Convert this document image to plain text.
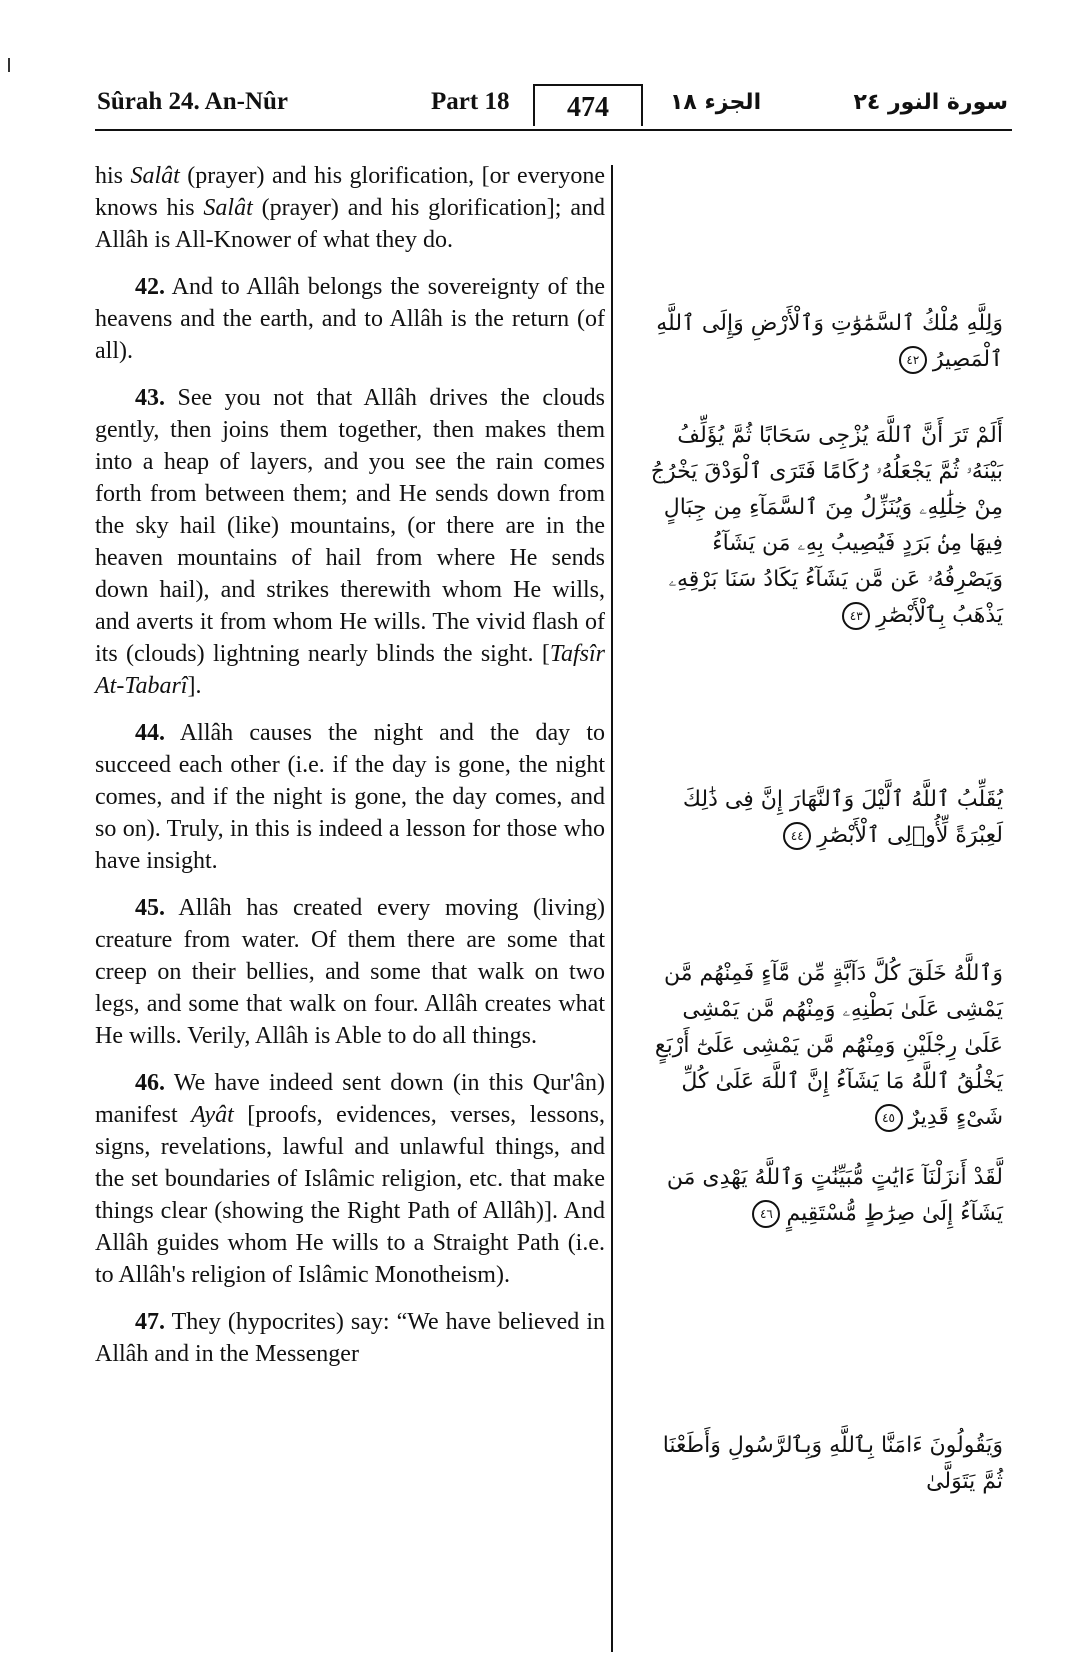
Sûrah 24. An-Nûr	Part 18	474	الجزء ١٨	سورة النور ٢٤

his Salât (prayer) and his glorification, [or everyone knows his Salât (prayer) and his glorification]; and Allâh is All-Knower of what they do.

42. And to Allâh belongs the sovereignty of the heavens and the earth, and to Allâh is the return (of all).

43. See you not that Allâh drives the clouds gently, then joins them together, then makes them into a heap of layers, and you see the rain comes forth from between them; and He sends down from the sky hail (like) mountains, (or there are in the heaven mountains of hail from where He sends down hail), and strikes therewith whom He wills, and averts it from whom He wills. The vivid flash of its (clouds) lightning nearly blinds the sight. [Tafsîr At-Tabarî].

44. Allâh causes the night and the day to succeed each other (i.e. if the day is gone, the night comes, and if the night is gone, the day comes, and so on). Truly, in this is indeed a lesson for those who have insight.

45. Allâh has created every moving (living) creature from water. Of them there are some that creep on their bellies, and some that walk on two legs, and some that walk on four. Allâh creates what He wills. Verily, Allâh is Able to do all things.

46. We have indeed sent down (in this Qur'ân) manifest Ayât [proofs, evidences, verses, lessons, signs, revelations, lawful and unlawful things, and the set boundaries of Islâmic religion, etc. that make things clear (showing the Right Path of Allâh)]. And Allâh guides whom He wills to a Straight Path (i.e. to Allâh's religion of Islâmic Monotheism).

47. They (hypocrites) say: “We have believed in Allâh and in the Messenger

وَلِلَّهِ مُلْكُ ٱلسَّمَٰوَٰتِ وَٱلْأَرْضِ وَإِلَى ٱللَّهِ ٱلْمَصِيرُ٤٢
أَلَمْ تَرَ أَنَّ ٱللَّهَ يُزْجِى سَحَابًا ثُمَّ يُؤَلِّفُ بَيْنَهُۥ ثُمَّ يَجْعَلُهُۥ رُكَامًا فَتَرَى ٱلْوَدْقَ يَخْرُجُ مِنْ خِلَٰلِهِۦ وَيُنَزِّلُ مِنَ ٱلسَّمَآءِ مِن جِبَالٍ فِيهَا مِنۢ بَرَدٍ فَيُصِيبُ بِهِۦ مَن يَشَآءُ وَيَصْرِفُهُۥ عَن مَّن يَشَآءُ يَكَادُ سَنَا بَرْقِهِۦ يَذْهَبُ بِٱلْأَبْصَٰرِ٤٣
يُقَلِّبُ ٱللَّهُ ٱلَّيْلَ وَٱلنَّهَارَ إِنَّ فِى ذَٰلِكَ لَعِبْرَةً لِّأُو۟لِى ٱلْأَبْصَٰرِ٤٤
وَٱللَّهُ خَلَقَ كُلَّ دَآبَّةٍ مِّن مَّآءٍ فَمِنْهُم مَّن يَمْشِى عَلَىٰ بَطْنِهِۦ وَمِنْهُم مَّن يَمْشِى عَلَىٰ رِجْلَيْنِ وَمِنْهُم مَّن يَمْشِى عَلَىٰٓ أَرْبَعٍ يَخْلُقُ ٱللَّهُ مَا يَشَآءُ إِنَّ ٱللَّهَ عَلَىٰ كُلِّ شَىْءٍ قَدِيرٌ٤٥
لَّقَدْ أَنزَلْنَآ ءَايَٰتٍ مُّبَيِّنَٰتٍ وَٱللَّهُ يَهْدِى مَن يَشَآءُ إِلَىٰ صِرَٰطٍ مُّسْتَقِيمٍ٤٦
وَيَقُولُونَ ءَامَنَّا بِٱللَّهِ وَبِٱلرَّسُولِ وَأَطَعْنَا ثُمَّ يَتَوَلَّىٰ
